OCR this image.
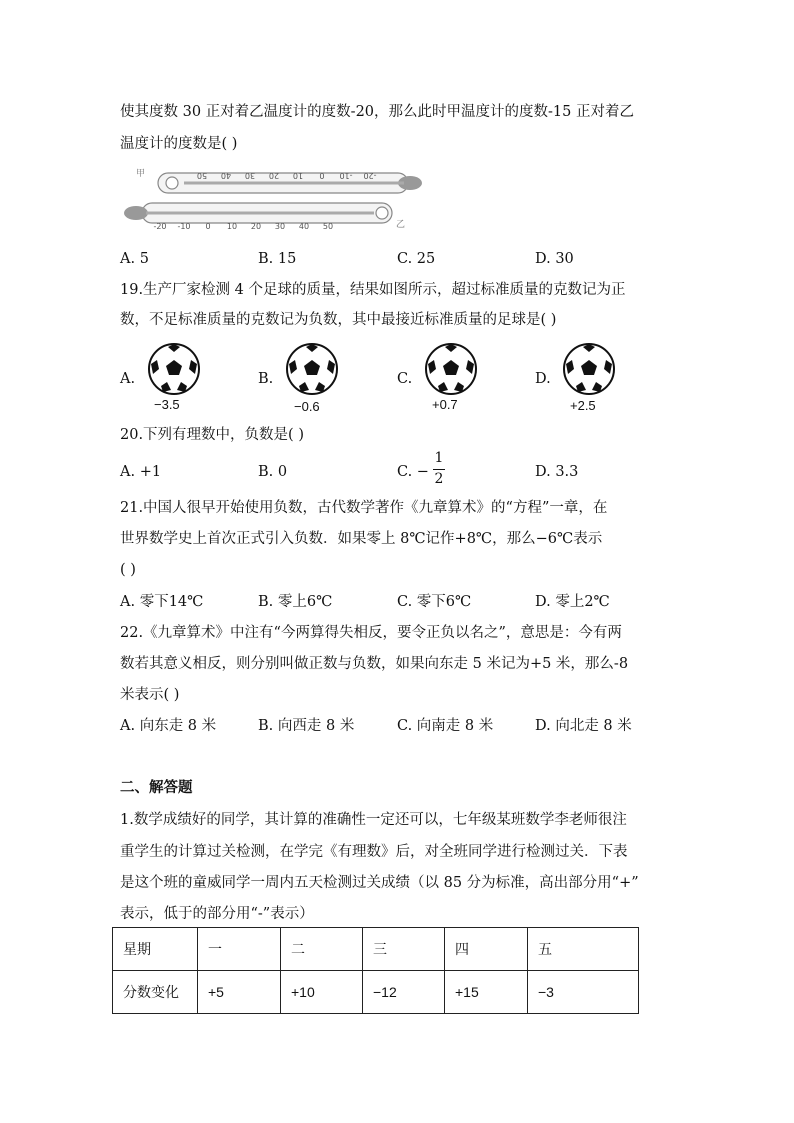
使其度数 30 正对着乙温度计的度数-20，那么此时甲温度计的度数-15 正对着乙
温度计的度数是( )
甲	50 40 30 20 10 0 -10 -20
乙
-20 -10 0 10 20 30 40 50
A. 5	B. 15	C. 25	D. 30
19.生产厂家检测 4 个足球的质量，结果如图所示，超过标准质量的克数记为正
数，不足标准质量的克数记为负数，其中最接近标准质量的足球是( )
A.	B.	C.	D.
−3.5	−0.6	+0.7	+2.5
20.下列有理数中，负数是( )
A. +1	B. 0	C. −
1
2	D. 3.3
21.中国人很早开始使用负数，古代数学著作《九章算术》的“方程”一章，在
世界数学史上首次正式引入负数．如果零上 8℃记作+8℃，那么−6℃表示
( )
A. 零下14℃	B. 零上6℃	C. 零下6℃	D. 零上2℃
22.《九章算术》中注有“今两算得失相反，要令正负以名之”，意思是：今有两
数若其意义相反，则分别叫做正数与负数，如果向东走 5 米记为+5 米，那么-8
米表示( )
A. 向东走 8 米	B. 向西走 8 米	C. 向南走 8 米	D. 向北走 8 米
二、解答题
1.数学成绩好的同学，其计算的准确性一定还可以，七年级某班数学李老师很注
重学生的计算过关检测，在学完《有理数》后，对全班同学进行检测过关．下表
是这个班的童威同学一周内五天检测过关成绩（以 85 分为标准，高出部分用“+”
表示，低于的部分用“-”表示）
星期	一	二	三	四	五
分数变化	+5	+10	−12	+15	−3
